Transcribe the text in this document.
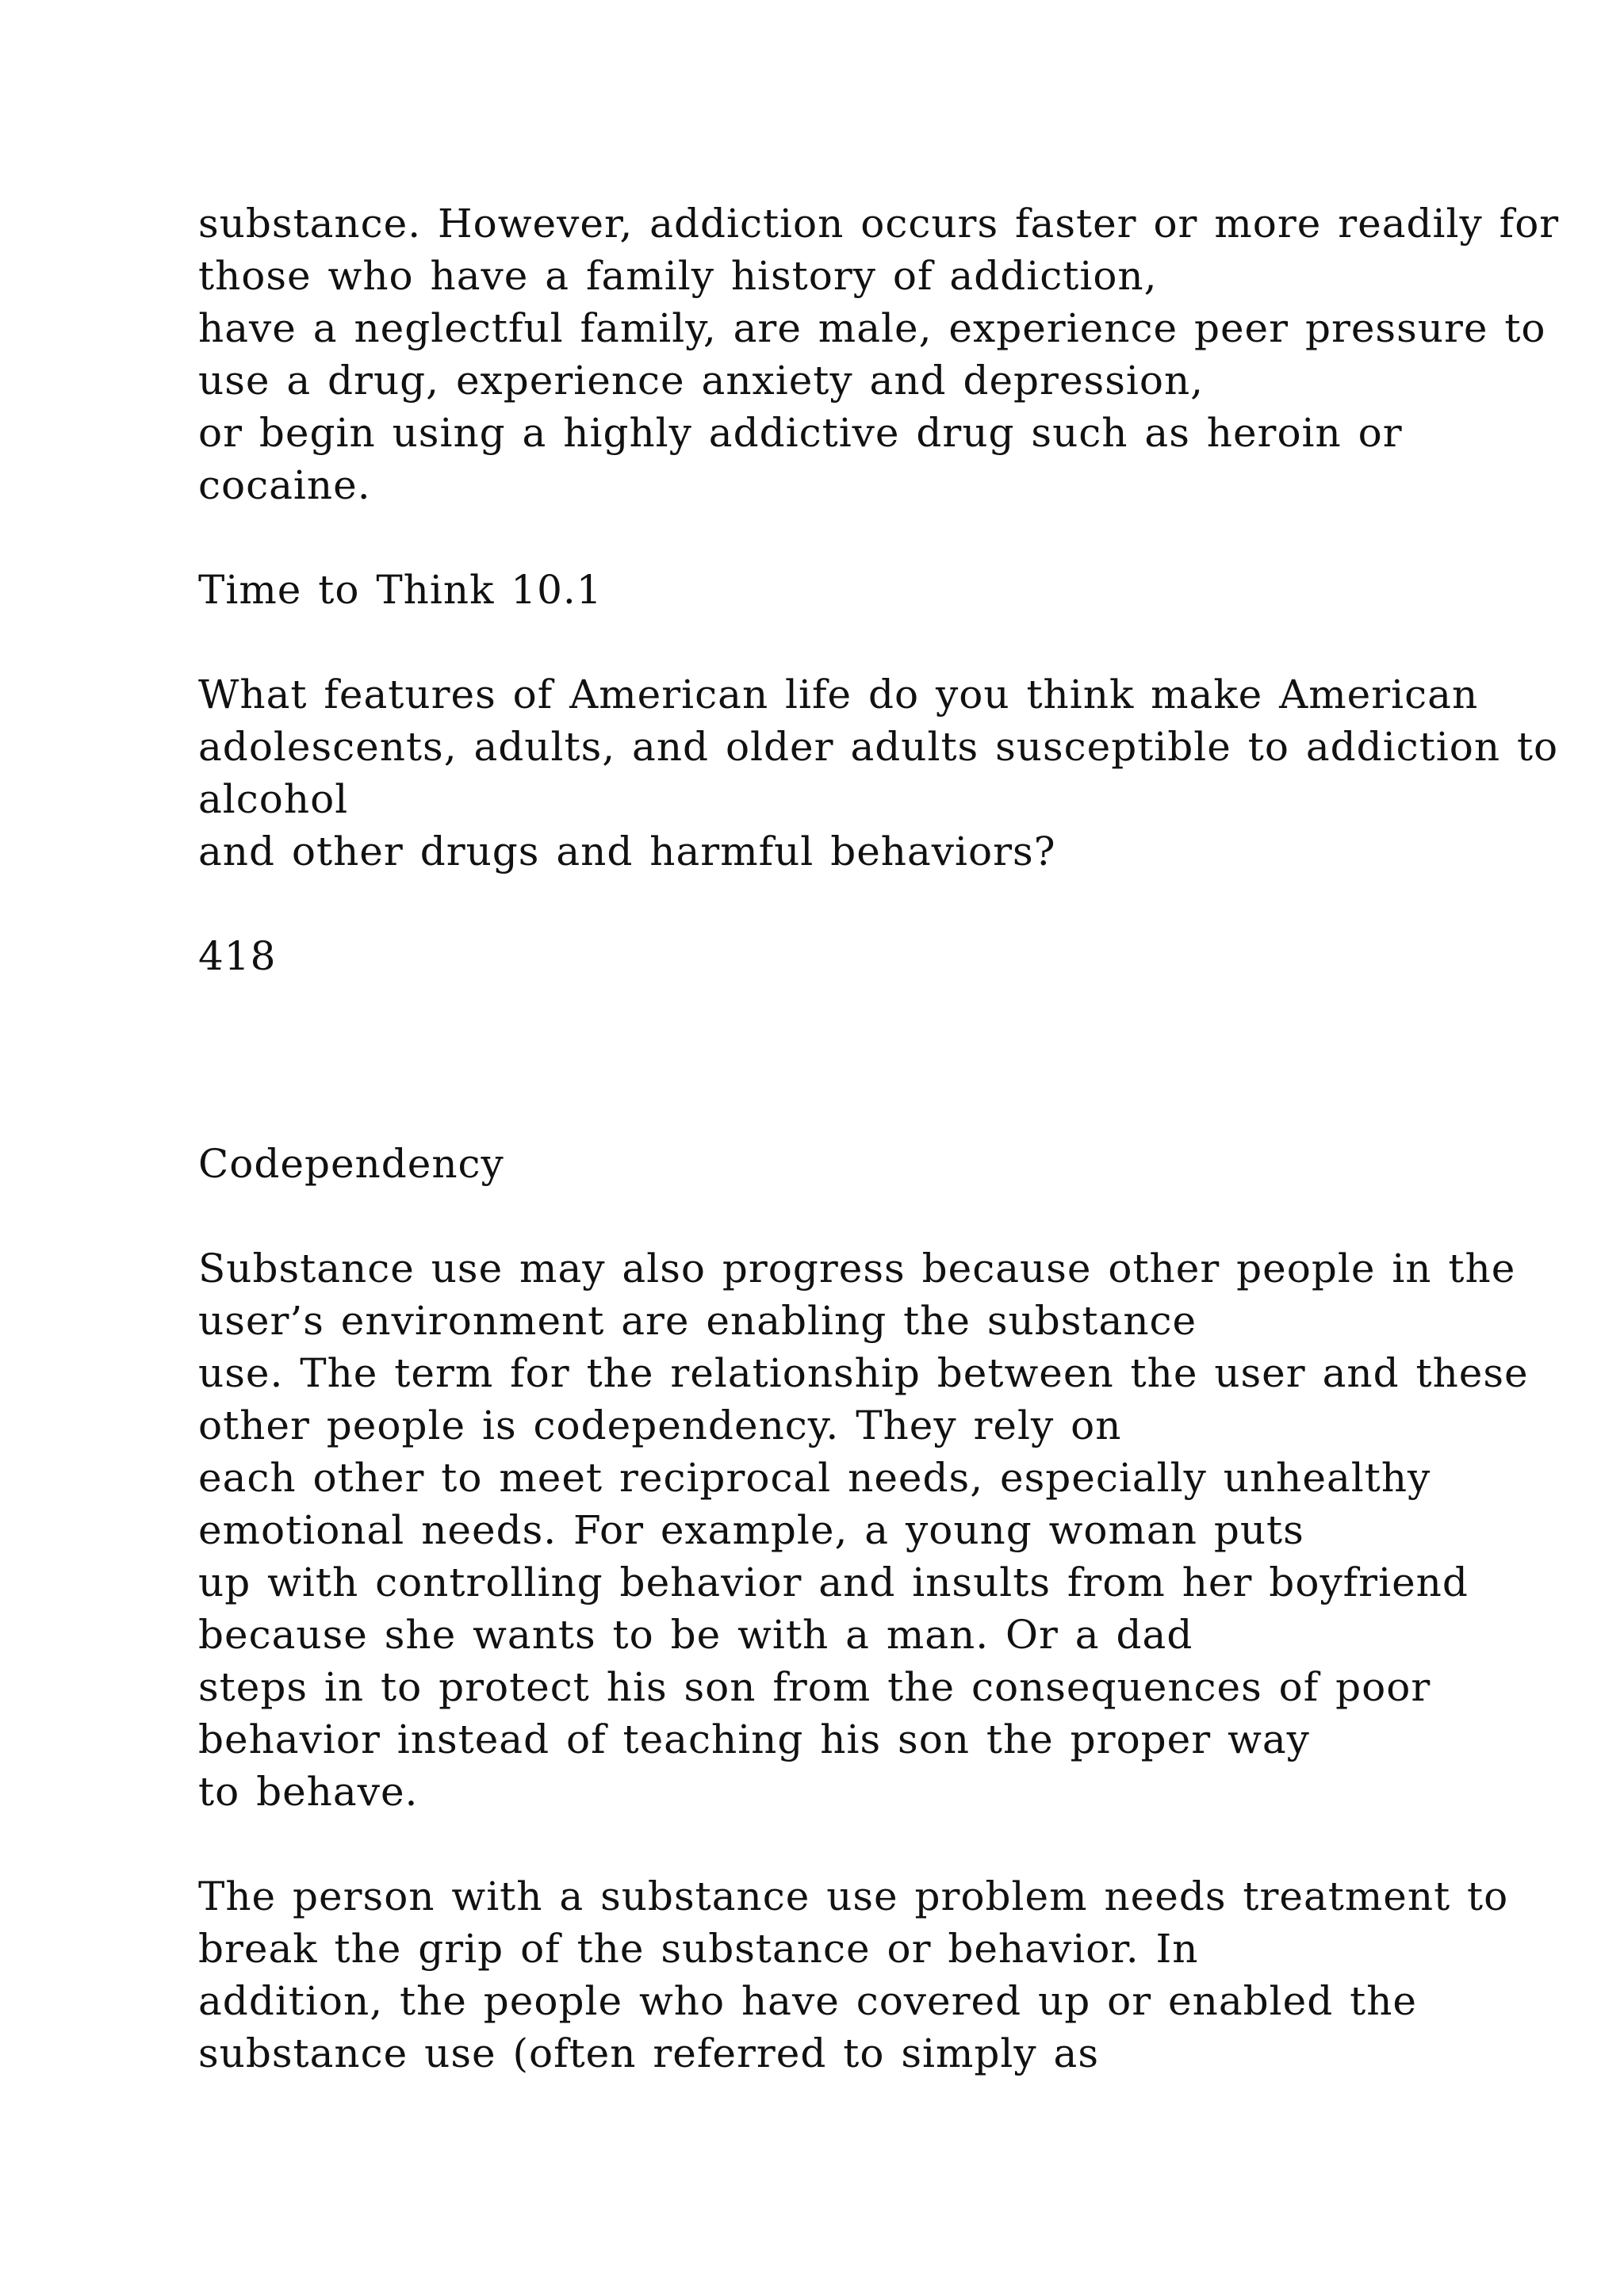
substance. However, addiction occurs faster or more readily for
those who have a family history of addiction,
have a neglectful family, are male, experience peer pressure to
use a drug, experience anxiety and depression,
or begin using a highly addictive drug such as heroin or
cocaine.
Time to Think 10.1
What features of American life do you think make American
adolescents, adults, and older adults susceptible to addiction to
alcohol
and other drugs and harmful behaviors?
418
Codependency
Substance use may also progress because other people in the
user’s environment are enabling the substance
use. The term for the relationship between the user and these
other people is codependency. They rely on
each other to meet reciprocal needs, especially unhealthy
emotional needs. For example, a young woman puts
up with controlling behavior and insults from her boyfriend
because she wants to be with a man. Or a dad
steps in to protect his son from the consequences of poor
behavior instead of teaching his son the proper way
to behave.
The person with a substance use problem needs treatment to
break the grip of the substance or behavior. In
addition, the people who have covered up or enabled the
substance use (often referred to simply as
